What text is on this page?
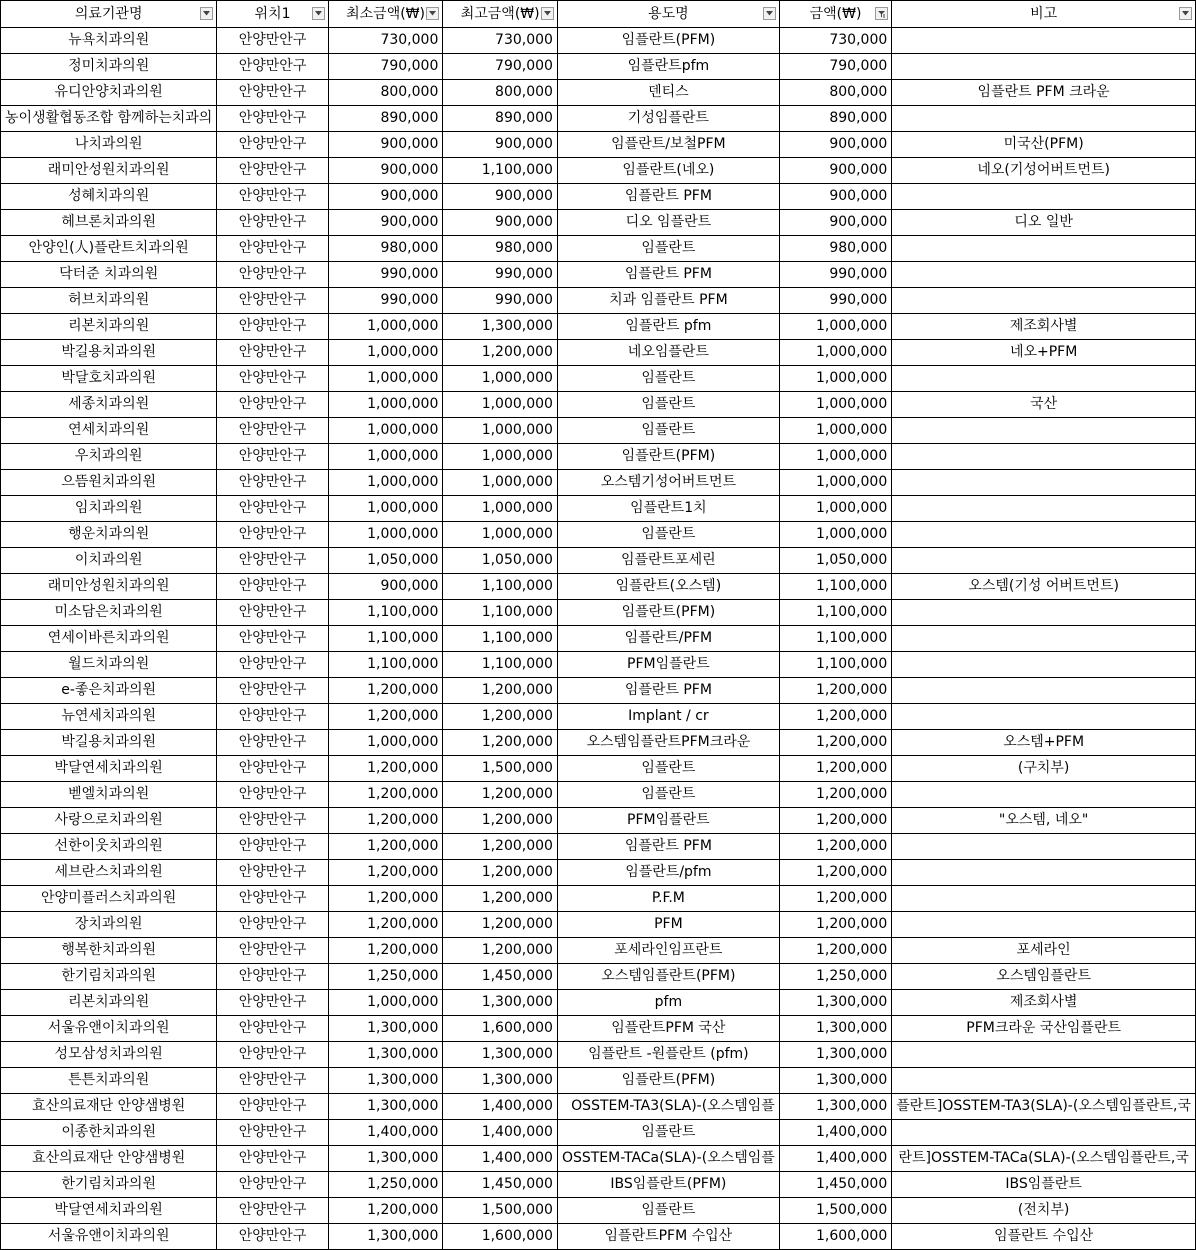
의료기관명	위치1	최소금액(₩)	최고금액(₩)	용도명	금액(₩)	비고

뉴욕치과의원	안양만안구	730,000	730,000	임플란트(PFM)	730,000	
정미치과의원	안양만안구	790,000	790,000	임플란트pfm	790,000	
유디안양치과의원	안양만안구	800,000	800,000	덴티스	800,000	임플란트 PFM 크라운
농이생활협동조합 함께하는치과의	안양만안구	890,000	890,000	기성임플란트	890,000	
나치과의원	안양만안구	900,000	900,000	임플란트/보철PFM	900,000	미국산(PFM)
래미안성원치과의원	안양만안구	900,000	1,100,000	임플란트(네오)	900,000	네오(기성어버트먼트)
성혜치과의원	안양만안구	900,000	900,000	임플란트 PFM	900,000	
헤브론치과의원	안양만안구	900,000	900,000	디오 임플란트	900,000	디오 일반
안양인(人)플란트치과의원	안양만안구	980,000	980,000	임플란트	980,000	
닥터준 치과의원	안양만안구	990,000	990,000	임플란트 PFM	990,000	
허브치과의원	안양만안구	990,000	990,000	치과 임플란트 PFM	990,000	
리본치과의원	안양만안구	1,000,000	1,300,000	임플란트 pfm	1,000,000	제조회사별
박길용치과의원	안양만안구	1,000,000	1,200,000	네오임플란트	1,000,000	네오+PFM
박달호치과의원	안양만안구	1,000,000	1,000,000	임플란트	1,000,000	
세종치과의원	안양만안구	1,000,000	1,000,000	임플란트	1,000,000	국산
연세치과의원	안양만안구	1,000,000	1,000,000	임플란트	1,000,000	
우치과의원	안양만안구	1,000,000	1,000,000	임플란트(PFM)	1,000,000	
으뜸원치과의원	안양만안구	1,000,000	1,000,000	오스템기성어버트먼트	1,000,000	
임치과의원	안양만안구	1,000,000	1,000,000	임플란트1치	1,000,000	
행운치과의원	안양만안구	1,000,000	1,000,000	임플란트	1,000,000	
이치과의원	안양만안구	1,050,000	1,050,000	임플란트포세린	1,050,000	
래미안성원치과의원	안양만안구	900,000	1,100,000	임플란트(오스템)	1,100,000	오스템(기성 어버트먼트)
미소담은치과의원	안양만안구	1,100,000	1,100,000	임플란트(PFM)	1,100,000	
연세이바른치과의원	안양만안구	1,100,000	1,100,000	임플란트/PFM	1,100,000	
월드치과의원	안양만안구	1,100,000	1,100,000	PFM임플란트	1,100,000	
e-좋은치과의원	안양만안구	1,200,000	1,200,000	임플란트 PFM	1,200,000	
뉴연세치과의원	안양만안구	1,200,000	1,200,000	Implant / cr	1,200,000	
박길용치과의원	안양만안구	1,000,000	1,200,000	오스템임플란트PFM크라운	1,200,000	오스템+PFM
박달연세치과의원	안양만안구	1,200,000	1,500,000	임플란트	1,200,000	(구치부)
벧엘치과의원	안양만안구	1,200,000	1,200,000	임플란트	1,200,000	
사랑으로치과의원	안양만안구	1,200,000	1,200,000	PFM임플란트	1,200,000	"오스템, 네오"
선한이웃치과의원	안양만안구	1,200,000	1,200,000	임플란트 PFM	1,200,000	
세브란스치과의원	안양만안구	1,200,000	1,200,000	임플란트/pfm	1,200,000	
안양미플러스치과의원	안양만안구	1,200,000	1,200,000	P.F.M	1,200,000	
장치과의원	안양만안구	1,200,000	1,200,000	PFM	1,200,000	
행복한치과의원	안양만안구	1,200,000	1,200,000	포세라인임프란트	1,200,000	포세라인
한기림치과의원	안양만안구	1,250,000	1,450,000	오스템임플란트(PFM)	1,250,000	오스템임플란트
리본치과의원	안양만안구	1,000,000	1,300,000	pfm	1,300,000	제조회사별
서울유앤이치과의원	안양만안구	1,300,000	1,600,000	임플란트PFM 국산	1,300,000	PFM크라운 국산임플란트
성모삼성치과의원	안양만안구	1,300,000	1,300,000	임플란트 -원플란트 (pfm)	1,300,000	
튼튼치과의원	안양만안구	1,300,000	1,300,000	임플란트(PFM)	1,300,000	
효산의료재단 안양샘병원	안양만안구	1,300,000	1,400,000	OSSTEM-TA3(SLA)-(오스템임플	1,300,000	플란트]OSSTEM-TA3(SLA)-(오스템임플란트,국
이종한치과의원	안양만안구	1,400,000	1,400,000	임플란트	1,400,000	
효산의료재단 안양샘병원	안양만안구	1,300,000	1,400,000	OSSTEM-TACa(SLA)-(오스템임플	1,400,000	란트]OSSTEM-TACa(SLA)-(오스템임플란트,국
한기림치과의원	안양만안구	1,250,000	1,450,000	IBS임플란트(PFM)	1,450,000	IBS임플란트
박달연세치과의원	안양만안구	1,200,000	1,500,000	임플란트	1,500,000	(전치부)
서울유앤이치과의원	안양만안구	1,300,000	1,600,000	임플란트PFM 수입산	1,600,000	임플란트 수입산
